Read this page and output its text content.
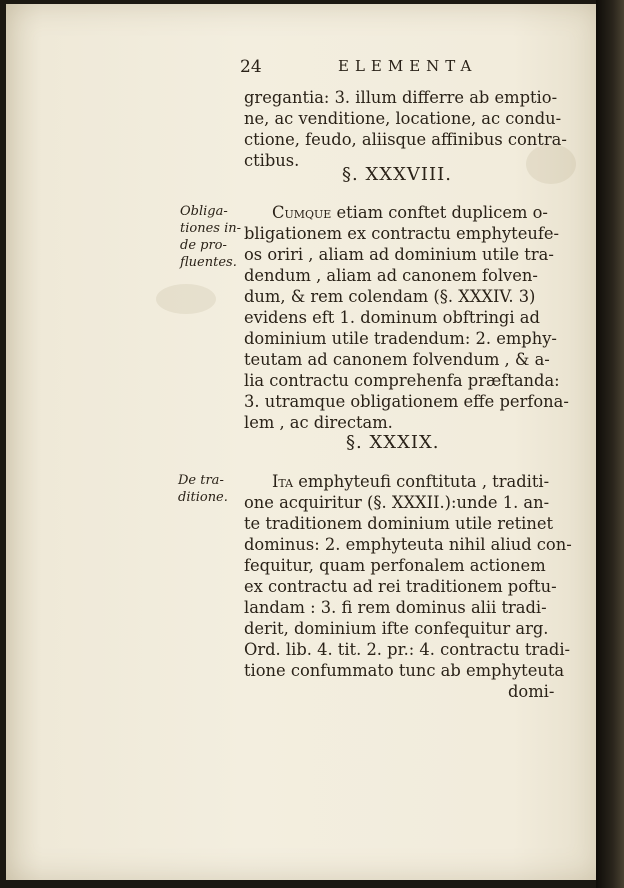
24	ELEMENTA
gregantia: 3. illum differre ab emptio-
ne, ac venditione, locatione, ac condu-
ctione, feudo, aliisque affinibus contra-
ctibus.
§. XXXVIII.
Obliga-
tiones in-
de pro-
fluentes.
Cumque etiam conftet duplicem o-
bligationem ex contractu emphyteufe-
os oriri , aliam ad dominium utile tra-
dendum , aliam ad canonem folven-
dum, & rem colendam (§. XXXIV. 3)
evidens eft 1. dominum obftringi ad
dominium utile tradendum: 2. emphy-
teutam ad canonem folvendum , & a-
lia contractu comprehenfa præftanda:
3. utramque obligationem effe perfona-
lem , ac directam.
§. XXXIX.
De tra-
ditione.
Ita emphyteufi conftituta , traditi-
one acquiritur (§. XXXII.):unde 1. an-
te traditionem dominium utile retinet
dominus: 2. emphyteuta nihil aliud con-
fequitur, quam perfonalem actionem
ex contractu ad rei traditionem poftu-
landam : 3. fi rem dominus alii tradi-
derit, dominium ifte confequitur arg.
Ord. lib. 4. tit. 2. pr.: 4. contractu tradi-
tione confummato tunc ab emphyteuta
domi-
